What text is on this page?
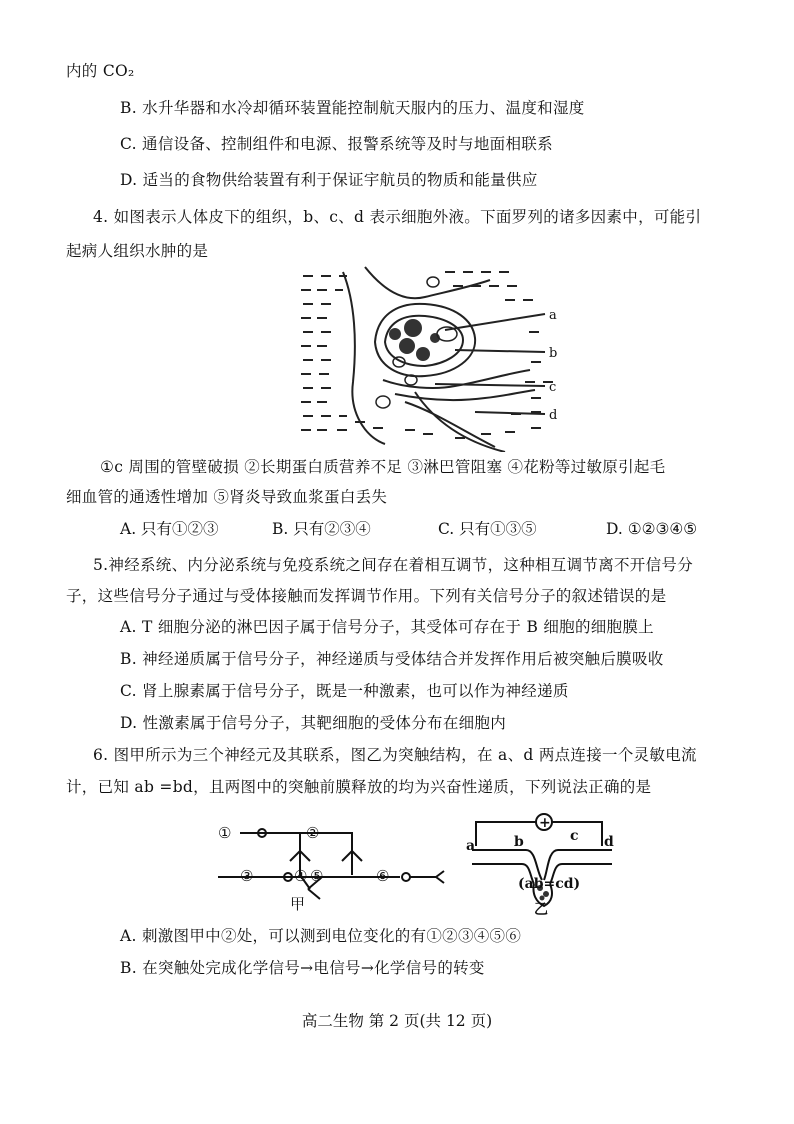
内的 CO₂
B. 水升华器和水冷却循环装置能控制航天服内的压力、温度和湿度
C. 通信设备、控制组件和电源、报警系统等及时与地面相联系
D. 适当的食物供给装置有利于保证宇航员的物质和能量供应
4. 如图表示人体皮下的组织，b、c、d 表示细胞外液。下面罗列的诸多因素中，可能引
起病人组织水肿的是
a
b
c
d
①c 周围的管壁破损 ②长期蛋白质营养不足 ③淋巴管阻塞 ④花粉等过敏原引起毛
细血管的通透性增加 ⑤肾炎导致血浆蛋白丢失
A. 只有①②③	B. 只有②③④	C. 只有①③⑤	D. ①②③④⑤
5.神经系统、内分泌系统与免疫系统之间存在着相互调节，这种相互调节离不开信号分
子，这些信号分子通过与受体接触而发挥调节作用。下列有关信号分子的叙述错误的是
A. T 细胞分泌的淋巴因子属于信号分子，其受体可存在于 B 细胞的细胞膜上
B. 神经递质属于信号分子，神经递质与受体结合并发挥作用后被突触后膜吸收
C. 肾上腺素属于信号分子，既是一种激素，也可以作为神经递质
D. 性激素属于信号分子，其靶细胞的受体分布在细胞内
6. 图甲所示为三个神经元及其联系，图乙为突触结构，在 a、d 两点连接一个灵敏电流
计，已知 ab =bd，且两图中的突触前膜释放的均为兴奋性递质，下列说法正确的是
①	②
③	④ ⑤	⑥
甲
+
a	b	c d
(ab=cd)
乙
A. 刺激图甲中②处，可以测到电位变化的有①②③④⑤⑥
B. 在突触处完成化学信号→电信号→化学信号的转变
高二生物 第 2 页(共 12 页)
